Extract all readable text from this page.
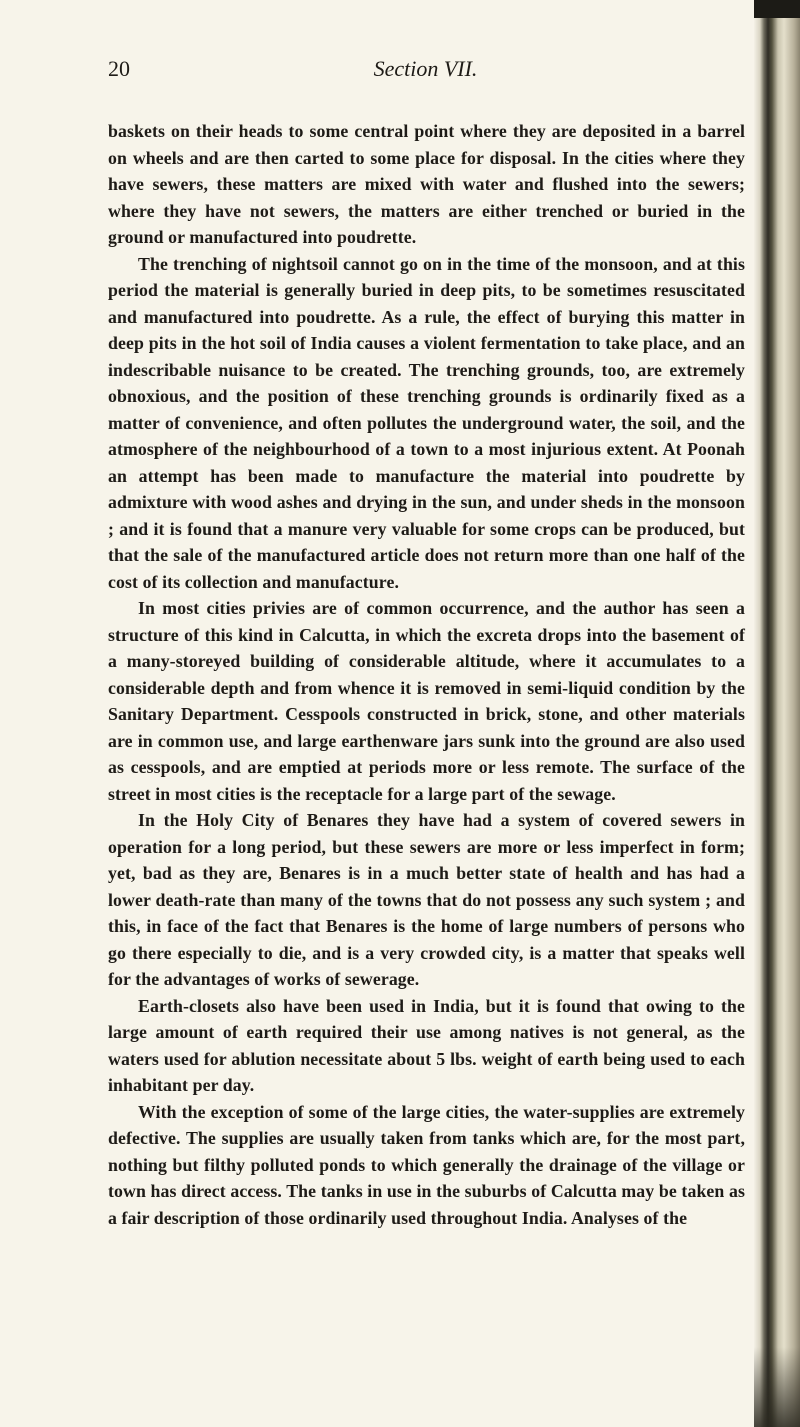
20	Section VII.

baskets on their heads to some central point where they are deposited in a barrel on wheels and are then carted to some place for disposal. In the cities where they have sewers, these matters are mixed with water and flushed into the sewers; where they have not sewers, the matters are either trenched or buried in the ground or manufactured into poudrette.

The trenching of nightsoil cannot go on in the time of the monsoon, and at this period the material is generally buried in deep pits, to be sometimes resuscitated and manufactured into poudrette. As a rule, the effect of burying this matter in deep pits in the hot soil of India causes a violent fermentation to take place, and an indescribable nuisance to be created. The trenching grounds, too, are extremely obnoxious, and the position of these trenching grounds is ordinarily fixed as a matter of convenience, and often pollutes the underground water, the soil, and the atmosphere of the neighbourhood of a town to a most injurious extent. At Poonah an attempt has been made to manufacture the material into poudrette by admixture with wood ashes and drying in the sun, and under sheds in the monsoon ; and it is found that a manure very valuable for some crops can be produced, but that the sale of the manufactured article does not return more than one half of the cost of its collection and manufacture.

In most cities privies are of common occurrence, and the author has seen a structure of this kind in Calcutta, in which the excreta drops into the basement of a many-storeyed building of considerable altitude, where it accumulates to a considerable depth and from whence it is removed in semi-liquid condition by the Sanitary Department. Cesspools constructed in brick, stone, and other materials are in common use, and large earthenware jars sunk into the ground are also used as cesspools, and are emptied at periods more or less remote. The surface of the street in most cities is the receptacle for a large part of the sewage.

In the Holy City of Benares they have had a system of covered sewers in operation for a long period, but these sewers are more or less imperfect in form; yet, bad as they are, Benares is in a much better state of health and has had a lower death-rate than many of the towns that do not possess any such system ; and this, in face of the fact that Benares is the home of large numbers of persons who go there especially to die, and is a very crowded city, is a matter that speaks well for the advantages of works of sewerage.

Earth-closets also have been used in India, but it is found that owing to the large amount of earth required their use among natives is not general, as the waters used for ablution necessitate about 5 lbs. weight of earth being used to each inhabitant per day.

With the exception of some of the large cities, the water-supplies are extremely defective. The supplies are usually taken from tanks which are, for the most part, nothing but filthy polluted ponds to which generally the drainage of the village or town has direct access. The tanks in use in the suburbs of Calcutta may be taken as a fair description of those ordinarily used throughout India. Analyses of the
